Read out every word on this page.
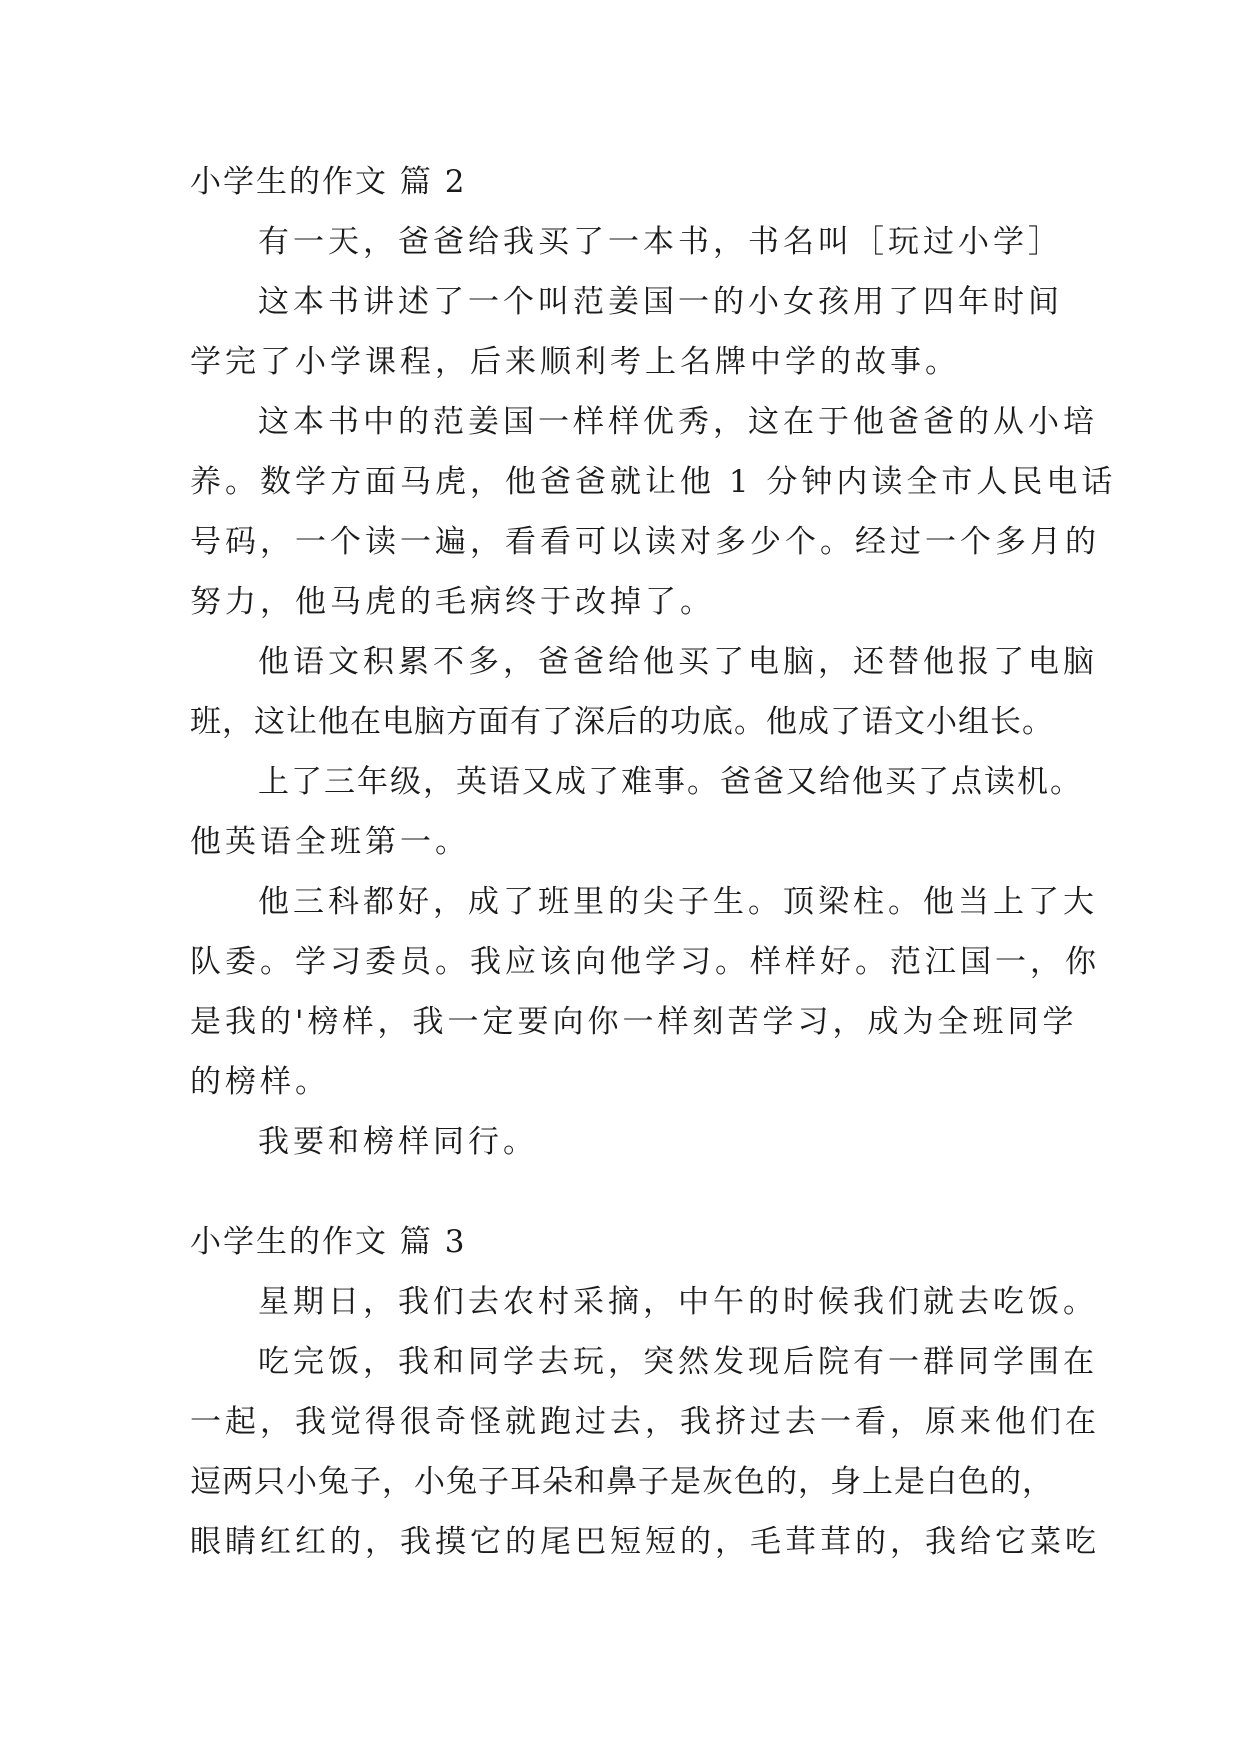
小学生的作文 篇 2
有一天，爸爸给我买了一本书，书名叫［玩过小学］
这本书讲述了一个叫范姜国一的小女孩用了四年时间
学完了小学课程，后来顺利考上名牌中学的故事。
这本书中的范姜国一样样优秀，这在于他爸爸的从小培
养。数学方面马虎，他爸爸就让他 1 分钟内读全市人民电话
号码，一个读一遍，看看可以读对多少个。经过一个多月的
努力，他马虎的毛病终于改掉了。
他语文积累不多，爸爸给他买了电脑，还替他报了电脑
班，这让他在电脑方面有了深后的功底。他成了语文小组长。
上了三年级，英语又成了难事。爸爸又给他买了点读机。
他英语全班第一。
他三科都好，成了班里的尖子生。顶梁柱。他当上了大
队委。学习委员。我应该向他学习。样样好。范江国一，你
是我的'榜样，我一定要向你一样刻苦学习，成为全班同学
的榜样。
我要和榜样同行。
小学生的作文 篇 3
星期日，我们去农村采摘，中午的时候我们就去吃饭。
吃完饭，我和同学去玩，突然发现后院有一群同学围在
一起，我觉得很奇怪就跑过去，我挤过去一看，原来他们在
逗两只小兔子，小兔子耳朵和鼻子是灰色的，身上是白色的，
眼睛红红的，我摸它的尾巴短短的，毛茸茸的，我给它菜吃
